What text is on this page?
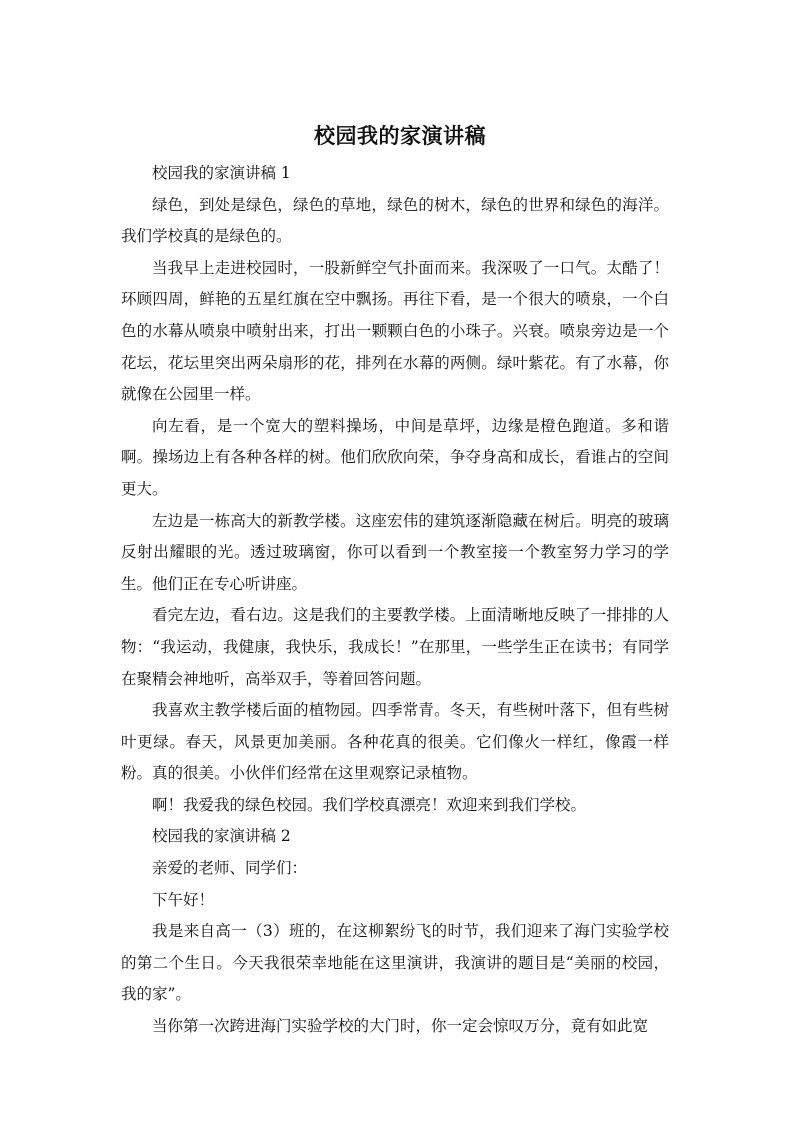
校园我的家演讲稿

校园我的家演讲稿 1

绿色，到处是绿色，绿色的草地，绿色的树木，绿色的世界和绿色的海洋。我们学校真的是绿色的。

当我早上走进校园时，一股新鲜空气扑面而来。我深吸了一口气。太酷了！环顾四周，鲜艳的五星红旗在空中飘扬。再往下看，是一个很大的喷泉，一个白色的水幕从喷泉中喷射出来，打出一颗颗白色的小珠子。兴衰。喷泉旁边是一个花坛，花坛里突出两朵扇形的花，排列在水幕的两侧。绿叶紫花。有了水幕，你就像在公园里一样。

向左看，是一个宽大的塑料操场，中间是草坪，边缘是橙色跑道。多和谐啊。操场边上有各种各样的树。他们欣欣向荣，争夺身高和成长，看谁占的空间更大。

左边是一栋高大的新教学楼。这座宏伟的建筑逐渐隐藏在树后。明亮的玻璃反射出耀眼的光。透过玻璃窗，你可以看到一个教室接一个教室努力学习的学生。他们正在专心听讲座。

看完左边，看右边。这是我们的主要教学楼。上面清晰地反映了一排排的人物：“我运动，我健康，我快乐，我成长！”在那里，一些学生正在读书；有同学在聚精会神地听，高举双手，等着回答问题。

我喜欢主教学楼后面的植物园。四季常青。冬天，有些树叶落下，但有些树叶更绿。春天，风景更加美丽。各种花真的很美。它们像火一样红，像霞一样粉。真的很美。小伙伴们经常在这里观察记录植物。

啊！我爱我的绿色校园。我们学校真漂亮！欢迎来到我们学校。

校园我的家演讲稿 2

亲爱的老师、同学们：

下午好！

我是来自高一（3）班的，在这柳絮纷飞的时节，我们迎来了海门实验学校的第二个生日。今天我很荣幸地能在这里演讲，我演讲的题目是“美丽的校园，我的家”。

当你第一次跨进海门实验学校的大门时，你一定会惊叹万分，竟有如此宽
